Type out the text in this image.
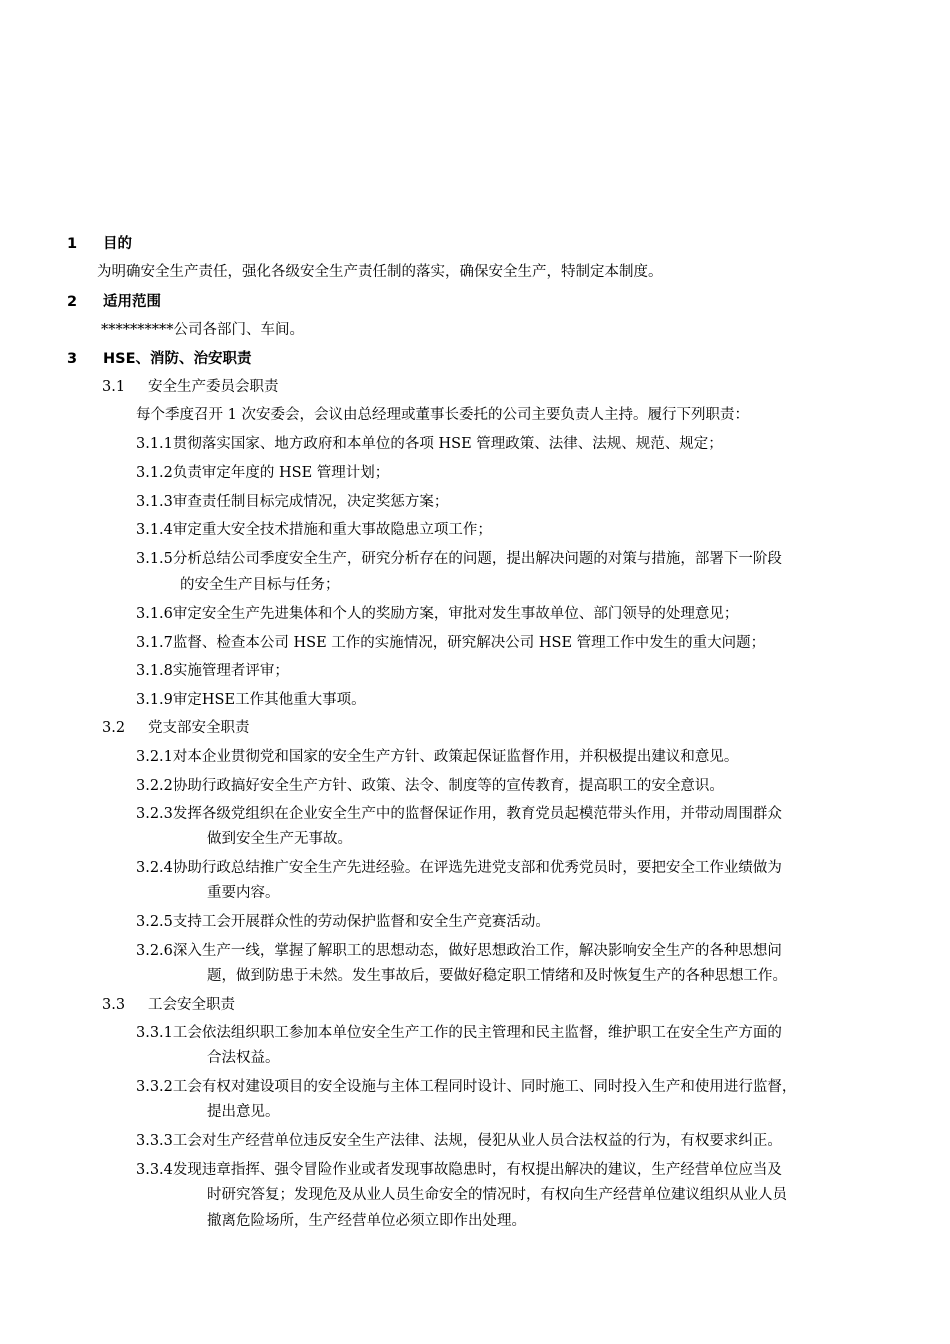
1 目的
为明确安全生产责任，强化各级安全生产责任制的落实，确保安全生产，特制定本制度。
2 适用范围
**********公司各部门、车间。
3 HSE、消防、治安职责
3.1 安全生产委员会职责
每个季度召开 1 次安委会，会议由总经理或董事长委托的公司主要负责人主持。履行下列职责：
3.1.1贯彻落实国家、地方政府和本单位的各项 HSE 管理政策、法律、法规、规范、规定；
3.1.2负责审定年度的 HSE 管理计划；
3.1.3审查责任制目标完成情况，决定奖惩方案；
3.1.4审定重大安全技术措施和重大事故隐患立项工作；
3.1.5分析总结公司季度安全生产，研究分析存在的问题，提出解决问题的对策与措施，部署下一阶段
的安全生产目标与任务；
3.1.6审定安全生产先进集体和个人的奖励方案，审批对发生事故单位、部门领导的处理意见；
3.1.7监督、检查本公司 HSE 工作的实施情况，研究解决公司 HSE 管理工作中发生的重大问题；
3.1.8实施管理者评审；
3.1.9审定HSE工作其他重大事项。
3.2 党支部安全职责
3.2.1对本企业贯彻党和国家的安全生产方针、政策起保证监督作用，并积极提出建议和意见。
3.2.2协助行政搞好安全生产方针、政策、法令、制度等的宣传教育，提高职工的安全意识。
3.2.3发挥各级党组织在企业安全生产中的监督保证作用，教育党员起模范带头作用，并带动周围群众
做到安全生产无事故。
3.2.4协助行政总结推广安全生产先进经验。在评选先进党支部和优秀党员时，要把安全工作业绩做为
重要内容。
3.2.5支持工会开展群众性的劳动保护监督和安全生产竞赛活动。
3.2.6深入生产一线，掌握了解职工的思想动态，做好思想政治工作，解决影响安全生产的各种思想问
题，做到防患于未然。发生事故后，要做好稳定职工情绪和及时恢复生产的各种思想工作。
3.3 工会安全职责
3.3.1工会依法组织职工参加本单位安全生产工作的民主管理和民主监督，维护职工在安全生产方面的
合法权益。
3.3.2工会有权对建设项目的安全设施与主体工程同时设计、同时施工、同时投入生产和使用进行监督，
提出意见。
3.3.3工会对生产经营单位违反安全生产法律、法规，侵犯从业人员合法权益的行为，有权要求纠正。
3.3.4发现违章指挥、强令冒险作业或者发现事故隐患时，有权提出解决的建议，生产经营单位应当及
时研究答复；发现危及从业人员生命安全的情况时，有权向生产经营单位建议组织从业人员
撤离危险场所，生产经营单位必须立即作出处理。
